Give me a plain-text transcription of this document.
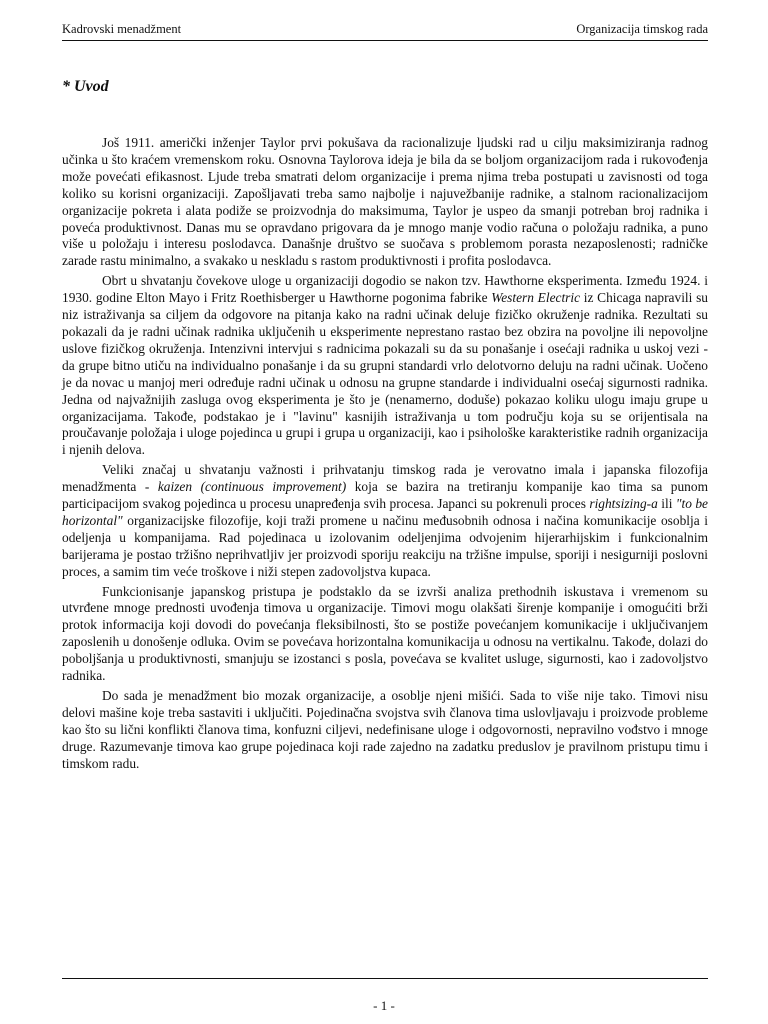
Kadrovski menadžment	Organizacija timskog rada
* Uvod

Još 1911. američki inženjer Taylor prvi pokušava da racionalizuje ljudski rad u cilju maksimiziranja radnog učinka u što kraćem vremenskom roku. Osnovna Taylorova ideja je bila da se boljom organizacijom rada i rukovođenja može povećati efikasnost. Ljude treba smatrati delom organizacije i prema njima treba postupati u zavisnosti od toga koliko su korisni organizaciji. Zapošljavati treba samo najbolje i najuvežbanije radnike, a stalnom racionalizacijom organizacije pokreta i alata podiže se proizvodnja do maksimuma, Taylor je uspeo da smanji potreban broj radnika i poveća produktivnost. Danas mu se opravdano prigovara da je mnogo manje vodio računa o položaju radnika, a puno više u položaju i interesu poslodavca. Današnje društvo se suočava s problemom porasta nezaposlenosti; radničke zarade rastu minimalno, a svakako u neskladu s rastom produktivnosti i profita poslodavca.

Obrt u shvatanju čovekove uloge u organizaciji dogodio se nakon tzv. Hawthorne eksperimenta. Između 1924. i 1930. godine Elton Mayo i Fritz Roethisberger u Hawthorne pogonima fabrike Western Electric iz Chicaga napravili su niz istraživanja sa ciljem da odgovore na pitanja kako na radni učinak deluje fizičko okruženje radnika. Rezultati su pokazali da je radni učinak radnika uključenih u eksperimente neprestano rastao bez obzira na povoljne ili nepovoljne uslove fizičkog okruženja. Intenzivni intervjui s radnicima pokazali su da su ponašanje i osećaji radnika u uskoj vezi - da grupe bitno utiču na individualno ponašanje i da su grupni standardi vrlo delotvorno deluju na radni učinak. Uočeno je da novac u manjoj meri određuje radni učinak u odnosu na grupne standarde i individualni osećaj sigurnosti radnika. Jedna od najvažnijih zasluga ovog eksperimenta je što je (nenamerno, doduše) pokazao koliku ulogu imaju grupe u organizacijama. Takođe, podstakao je i "lavinu" kasnijih istraživanja u tom području koja su se orijentisala na proučavanje položaja i uloge pojedinca u grupi i grupa u organizaciji, kao i psihološke karakteristike radnih organizacija i njenih delova.

Veliki značaj u shvatanju važnosti i prihvatanju timskog rada je verovatno imala i japanska filozofija menadžmenta - kaizen (continuous improvement) koja se bazira na tretiranju kompanije kao tima sa punom participacijom svakog pojedinca u procesu unapređenja svih procesa. Japanci su pokrenuli proces rightsizing-a ili "to be horizontal" organizacijske filozofije, koji traži promene u načinu međusobnih odnosa i načina komunikacije osoblja i odeljenja u kompanijama. Rad pojedinaca u izolovanim odeljenjima odvojenim hijerarhijskim i funkcionalnim barijerama je postao tržišno neprihvatljiv jer proizvodi sporiju reakciju na tržišne impulse, sporiji i nesigurniji poslovni proces, a samim tim veće troškove i niži stepen zadovoljstva kupaca.

Funkcionisanje japanskog pristupa je podstaklo da se izvrši analiza prethodnih iskustava i vremenom su utvrđene mnoge prednosti uvođenja timova u organizacije. Timovi mogu olakšati širenje kompanije i omogućiti brži protok informacija koji dovodi do povećanja fleksibilnosti, što se postiže povećanjem komunikacije i uključivanjem zaposlenih u donošenje odluka. Ovim se povećava horizontalna komunikacija u odnosu na vertikalnu. Takođe, dolazi do poboljšanja u produktivnosti, smanjuju se izostanci s posla, povećava se kvalitet usluge, sigurnosti, kao i zadovoljstvo radnika.

Do sada je menadžment bio mozak organizacije, a osoblje njeni mišići. Sada to više nije tako. Timovi nisu delovi mašine koje treba sastaviti i uključiti. Pojedinačna svojstva svih članova tima uslovljavaju i proizvode probleme kao što su lični konflikti članova tima, konfuzni ciljevi, nedefinisane uloge i odgovornosti, nepravilno vođstvo i mnoge druge. Razumevanje timova kao grupe pojedinaca koji rade zajedno na zadatku preduslov je pravilnom pristupu timu i timskom radu.

- 1 -
